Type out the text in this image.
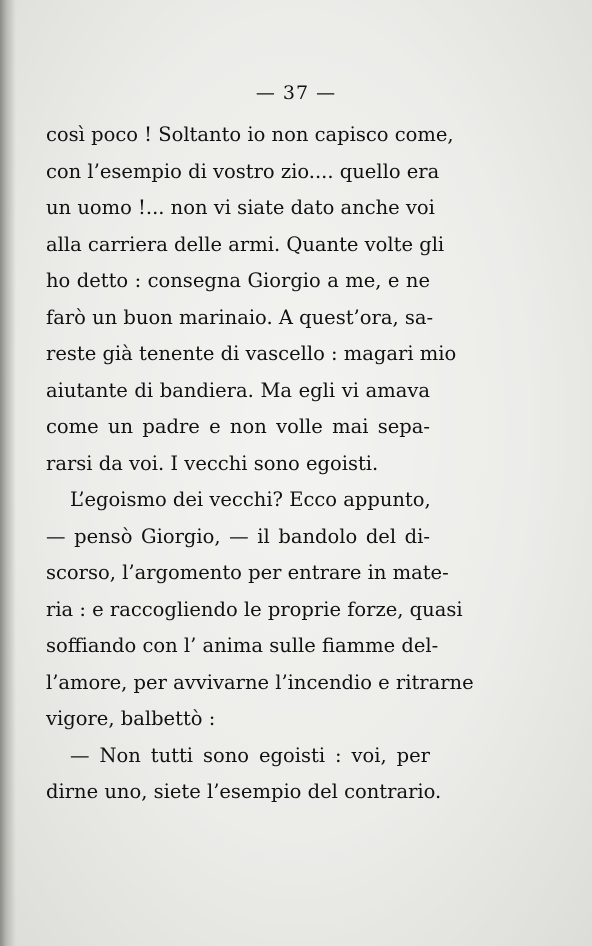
— 37 —
così poco ! Soltanto io non capisco come,
con l’esempio di vostro zio.... quello era
un uomo !... non vi siate dato anche voi
alla carriera delle armi. Quante volte gli
ho detto : consegna Giorgio a me, e ne
farò un buon marinaio. A quest’ora, sa-
reste già tenente di vascello : magari mio
aiutante di bandiera. Ma egli vi amava
come un padre e non volle mai sepa-
rarsi da voi. I vecchi sono egoisti.
L’egoismo dei vecchi? Ecco appunto,
— pensò Giorgio, — il bandolo del di-
scorso, l’argomento per entrare in mate-
ria : e raccogliendo le proprie forze, quasi
soffiando con l’ anima sulle fiamme del-
l’amore, per avvivarne l’incendio e ritrarne
vigore, balbettò :
— Non tutti sono egoisti : voi, per
dirne uno, siete l’esempio del contrario.
